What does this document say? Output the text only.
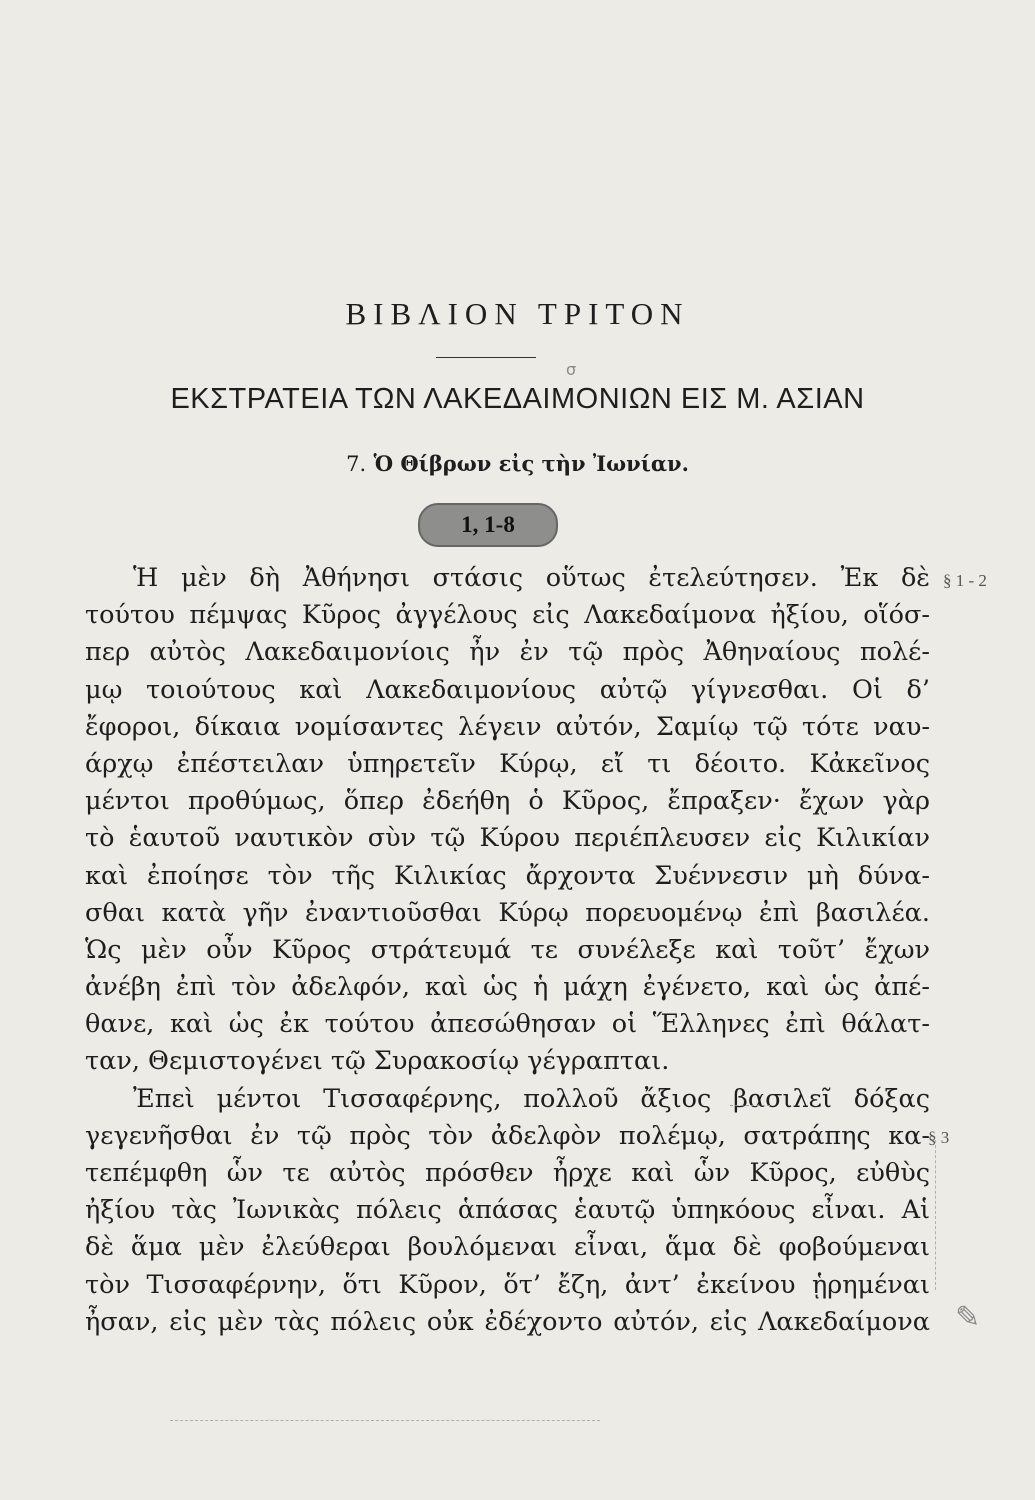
ΒΙΒΛΙΟΝ ΤΡΙΤΟΝ
σ
ΕΚΣΤΡΑΤΕΙΑ ΤΩΝ ΛΑΚΕΔΑΙΜΟΝΙΩΝ ΕΙΣ Μ. ΑΣΙΑΝ
7. Ὁ Θίβρων εἰς τὴν Ἰωνίαν.
1, 1-8
§ 1 - 2
§ 3
Ἡ μὲν δὴ Ἀθήνησι στάσις οὕτως ἐτελεύτησεν. Ἐκ δὲ
τούτου πέμψας Κῦρος ἀγγέλους εἰς Λακεδαίμονα ἠξίου, οἵόσ-
περ αὐτὸς Λακεδαιμονίοις ἦν ἐν τῷ πρὸς Ἀθηναίους πολέ-
μῳ τοιούτους καὶ Λακεδαιμονίους αὐτῷ γίγνεσθαι. Οἱ δ’
ἔφοροι, δίκαια νομίσαντες λέγειν αὐτόν, Σαμίῳ τῷ τότε ναυ-
άρχῳ ἐπέστειλαν ὑπηρετεῖν Κύρῳ, εἴ τι δέοιτο. Κἀκεῖνος
μέντοι προθύμως, ὅπερ ἐδεήθη ὁ Κῦρος, ἔπραξεν· ἔχων γὰρ
τὸ ἑαυτοῦ ναυτικὸν σὺν τῷ Κύρου περιέπλευσεν εἰς Κιλικίαν
καὶ ἐποίησε τὸν τῆς Κιλικίας ἄρχοντα Συέννεσιν μὴ δύνα-
σθαι κατὰ γῆν ἐναντιοῦσθαι Κύρῳ πορευομένῳ ἐπὶ βασιλέα.
Ὡς μὲν οὖν Κῦρος στράτευμά τε συνέλεξε καὶ τοῦτ’ ἔχων
ἀνέβη ἐπὶ τὸν ἀδελφόν, καὶ ὡς ἡ μάχη ἐγένετο, καὶ ὡς ἀπέ-
θανε, καὶ ὡς ἐκ τούτου ἀπεσώθησαν οἱ Ἕλληνες ἐπὶ θάλατ-
ταν, Θεμιστογένει τῷ Συρακοσίῳ γέγραπται.
Ἐπεὶ μέντοι Τισσαφέρνης, πολλοῦ ἄξιος βασιλεῖ δόξας
γεγενῆσθαι ἐν τῷ πρὸς τὸν ἀδελφὸν πολέμῳ, σατράπης κα-
τεπέμφθη ὧν τε αὐτὸς πρόσθεν ἦρχε καὶ ὧν Κῦρος, εὐθὺς
ἠξίου τὰς Ἰωνικὰς πόλεις ἁπάσας ἑαυτῷ ὑπηκόους εἶναι. Αἱ
δὲ ἅμα μὲν ἐλεύθεραι βουλόμεναι εἶναι, ἅμα δὲ φοβούμεναι
τὸν Τισσαφέρνην, ὅτι Κῦρον, ὅτ’ ἔζη, ἀντ’ ἐκείνου ᾑρημέναι
ἦσαν, εἰς μὲν τὰς πόλεις οὐκ ἐδέχοντο αὐτόν, εἰς Λακεδαίμονα ✎
